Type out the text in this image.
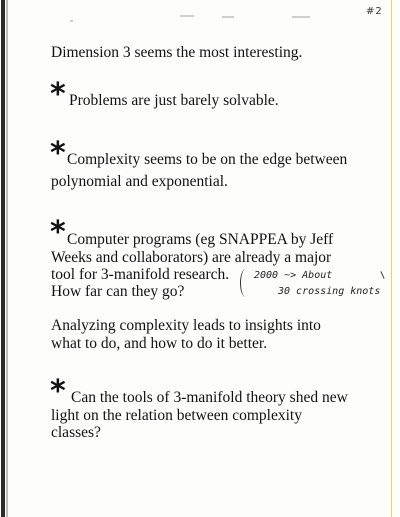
#2
Dimension 3 seems the most interesting.
* Problems are just barely solvable.
* Complexity seems to be on the edge between
polynomial and exponential.
* Computer programs (eg SNAPPEA by Jeff
Weeks and collaborators) are already a major
tool for 3-manifold research.
How far can they go?
2000 ~> About
30 crossing knots
Analyzing complexity leads to insights into
what to do, and how to do it better.
* Can the tools of 3-manifold theory shed new
light on the relation between complexity
classes?
